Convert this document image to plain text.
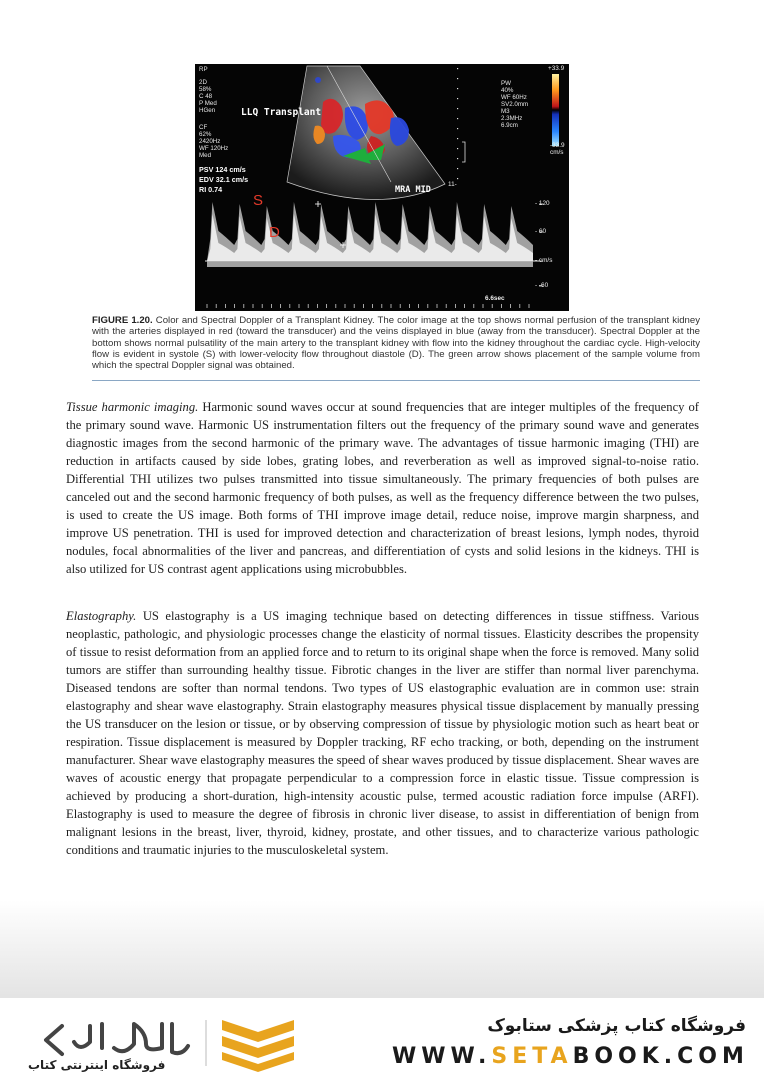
RP
2D
58%
C 48
P Med
HGen
CF
62%
2420Hz
WF 120Hz
Med
PW
40%
WF 60Hz
SV2.0mm
M3
2.3MHz
6.9cm
LLQ Transplant
PSV 124 cm/s
EDV 32.1 cm/s
RI 0.74
S
D
MRA MID
+33.9
-33.9
cm/s
11-
- 120
- 60
- cm/s
- -60
6.6sec
FIGURE 1.20. Color and Spectral Doppler of a Transplant Kidney. The color image at the top shows normal perfusion of the transplant kidney with the arteries displayed in red (toward the transducer) and the veins displayed in blue (away from the transducer). Spectral Doppler at the bottom shows normal pulsatility of the main artery to the transplant kidney with flow into the kidney throughout the cardiac cycle. High-velocity flow is evident in systole (S) with lower-velocity flow throughout diastole (D). The green arrow shows placement of the sample volume from which the spectral Doppler signal was obtained.
Tissue harmonic imaging. Harmonic sound waves occur at sound frequencies that are integer multiples of the frequency of the primary sound wave. Harmonic US instrumentation filters out the frequency of the primary sound wave and generates diagnostic images from the second harmonic of the primary wave. The advantages of tissue harmonic imaging (THI) are reduction in artifacts caused by side lobes, grating lobes, and reverberation as well as improved signal-to-noise ratio. Differential THI utilizes two pulses transmitted into tissue simultaneously. The primary frequencies of both pulses are canceled out and the second harmonic frequency of both pulses, as well as the frequency difference between the two pulses, is used to create the US image. Both forms of THI improve image detail, reduce noise, improve margin sharpness, and improve US penetration. THI is used for improved detection and characterization of breast lesions, lymph nodes, thyroid nodules, focal abnormalities of the liver and pancreas, and differentiation of cysts and solid lesions in the kidneys. THI is also utilized for US contrast agent applications using microbubbles.
Elastography. US elastography is a US imaging technique based on detecting differences in tissue stiffness. Various neoplastic, pathologic, and physiologic processes change the elasticity of normal tissues. Elasticity describes the propensity of tissue to resist deformation from an applied force and to return to its original shape when the force is removed. Many solid tumors are stiffer than surrounding healthy tissue. Fibrotic changes in the liver are stiffer than normal liver parenchyma. Diseased tendons are softer than normal tendons. Two types of US elastographic evaluation are in common use: strain elastography and shear wave elastography. Strain elastography measures physical tissue displacement by manually pressing the US transducer on the lesion or tissue, or by observing compression of tissue by physiologic motion such as heart beat or respiration. Tissue displacement is measured by Doppler tracking, RF echo tracking, or both, depending on the instrument manufacturer. Shear wave elastography measures the speed of shear waves produced by tissue displacement. Shear waves are waves of acoustic energy that propagate perpendicular to a compression force in elastic tissue. Tissue compression is achieved by producing a short-duration, high-intensity acoustic pulse, termed acoustic radiation force impulse (ARFI). Elastography is used to measure the degree of fibrosis in chronic liver disease, to assist in differentiation of benign from malignant lesions in the breast, liver, thyroid, kidney, prostate, and other tissues, and to characterize various pathologic conditions and traumatic injuries to the musculoskeletal system.
فروشگاه اینترنتی کتاب
فروشگاه کتاب پزشکی ستابوک
WWW.SETABOOK.COM
